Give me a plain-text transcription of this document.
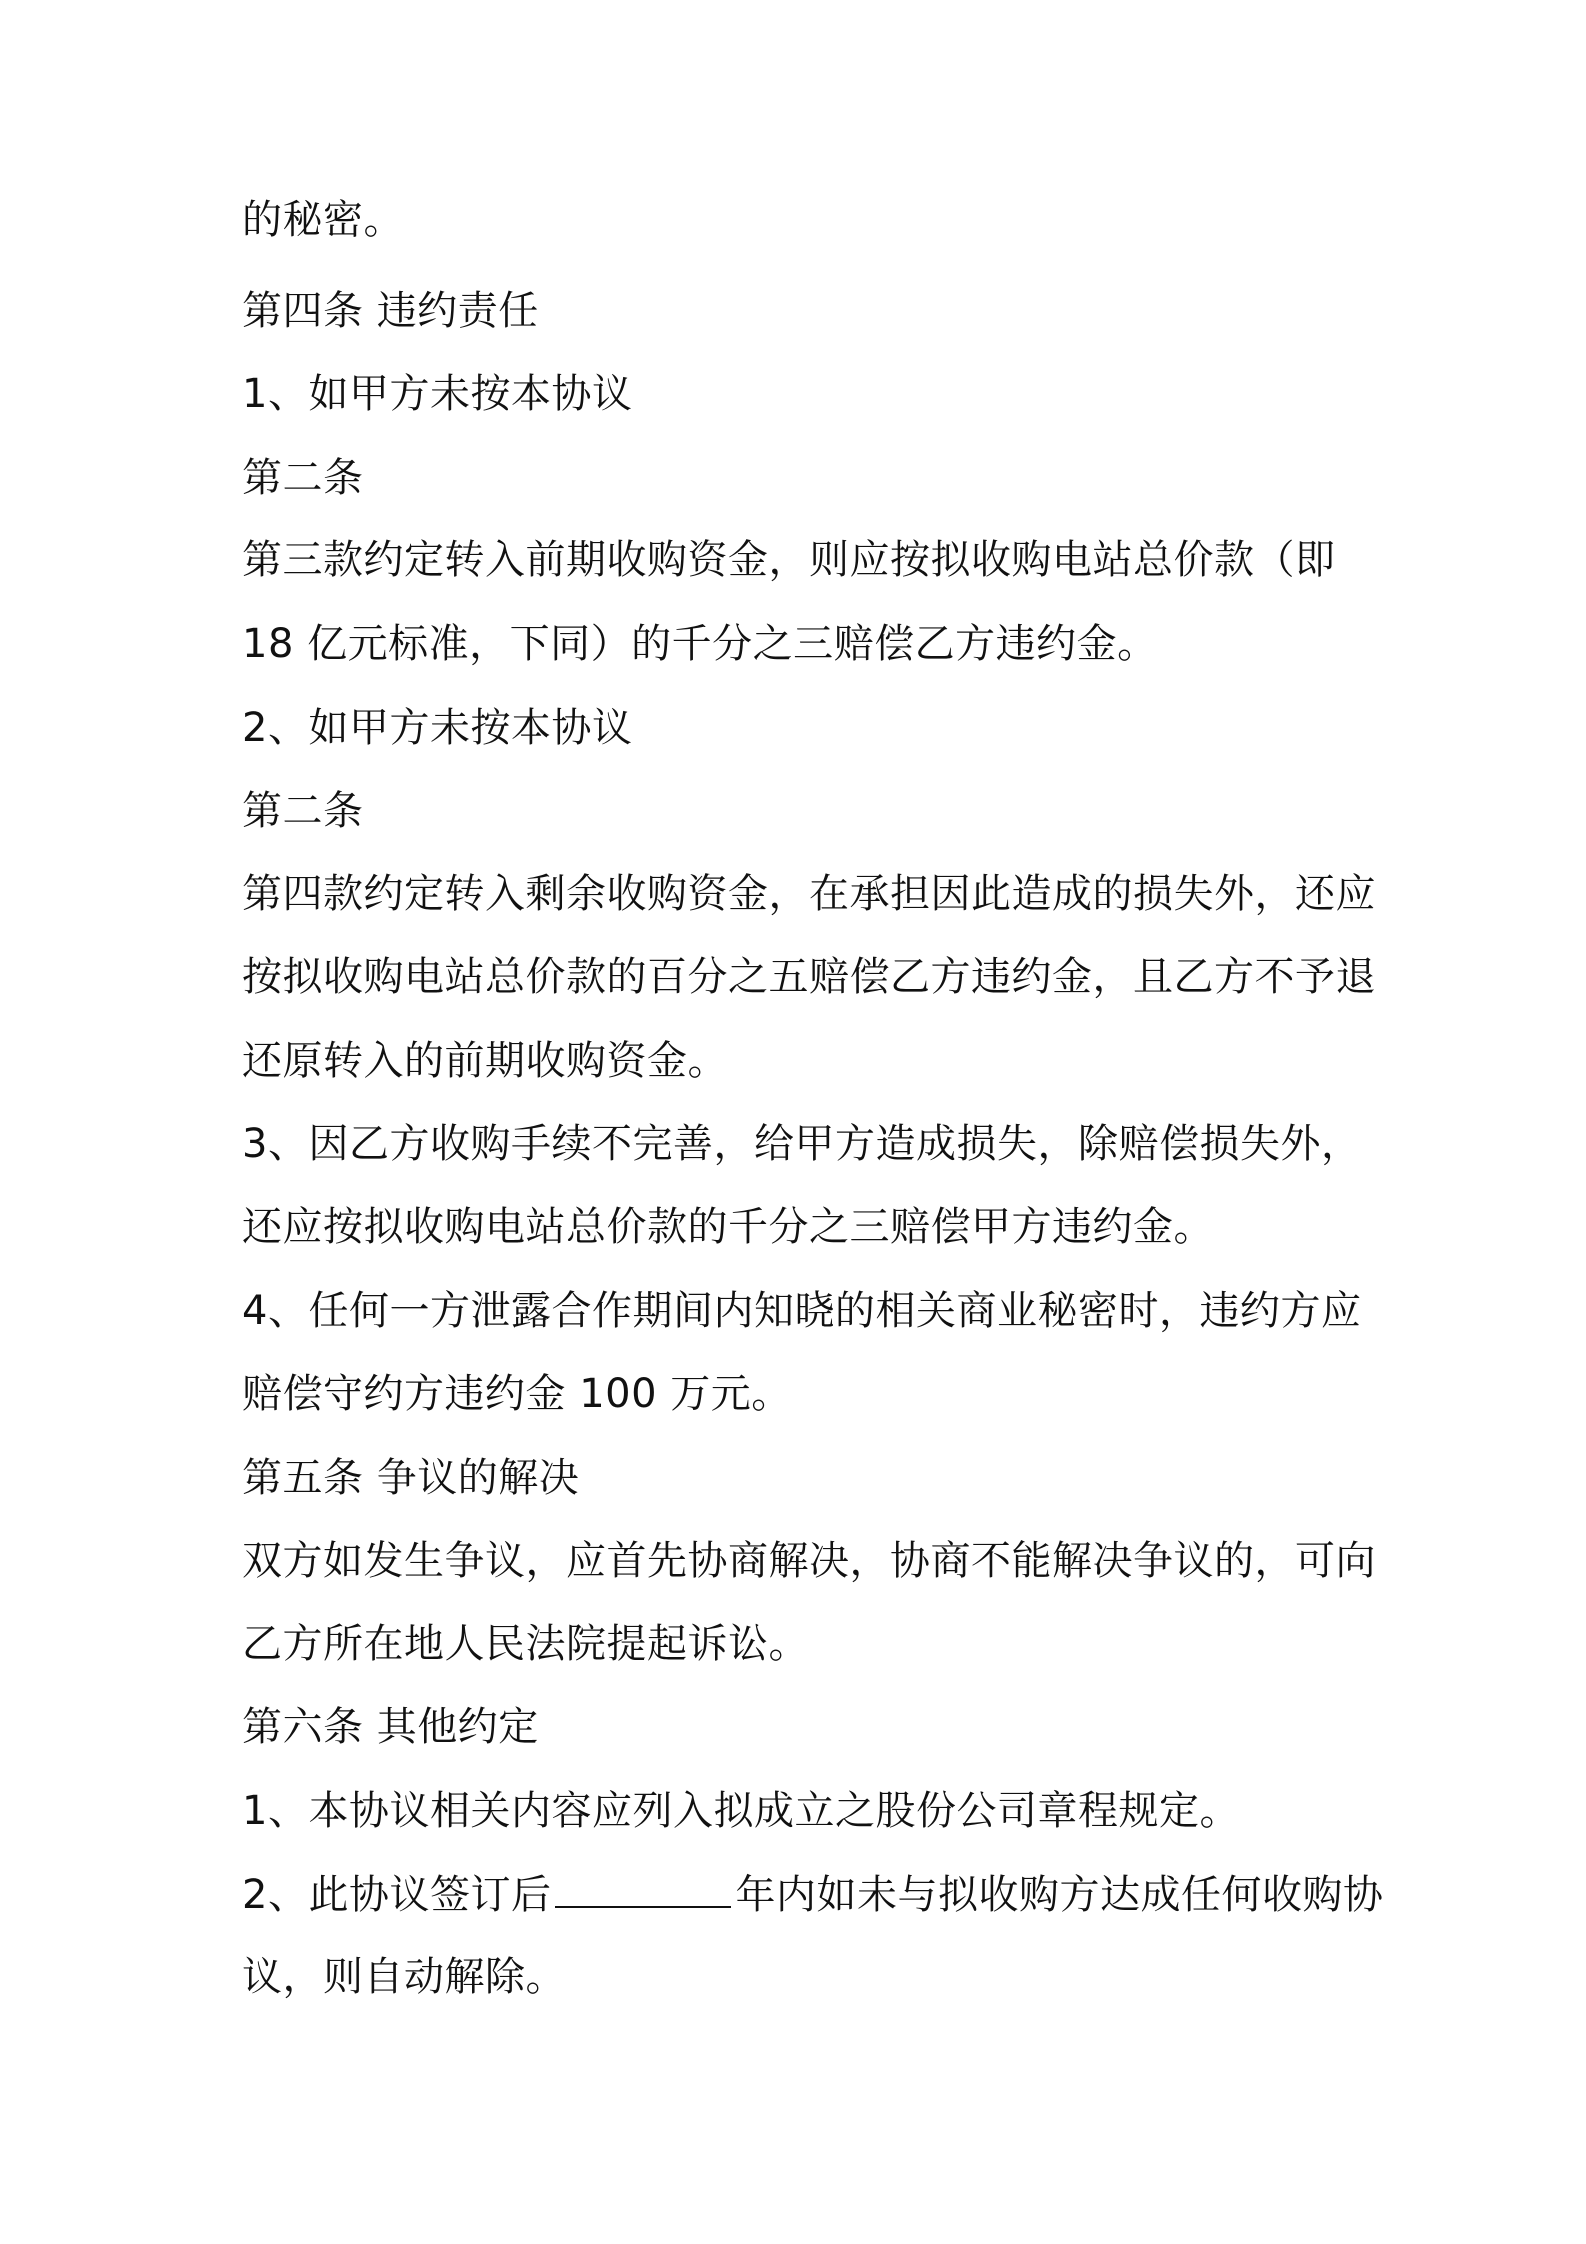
的秘密。
第四条 违约责任
1、如甲方未按本协议
第二条
第三款约定转入前期收购资金，则应按拟收购电站总价款（即
18 亿元标准，下同）的千分之三赔偿乙方违约金。
2、如甲方未按本协议
第二条
第四款约定转入剩余收购资金，在承担因此造成的损失外，还应
按拟收购电站总价款的百分之五赔偿乙方违约金，且乙方不予退
还原转入的前期收购资金。
3、因乙方收购手续不完善，给甲方造成损失，除赔偿损失外，
还应按拟收购电站总价款的千分之三赔偿甲方违约金。
4、任何一方泄露合作期间内知晓的相关商业秘密时，违约方应
赔偿守约方违约金 100 万元。
第五条 争议的解决
双方如发生争议，应首先协商解决，协商不能解决争议的，可向
乙方所在地人民法院提起诉讼。
第六条 其他约定
1、本协议相关内容应列入拟成立之股份公司章程规定。
2、此协议签订后	年内如未与拟收购方达成任何收购协
议，则自动解除。
